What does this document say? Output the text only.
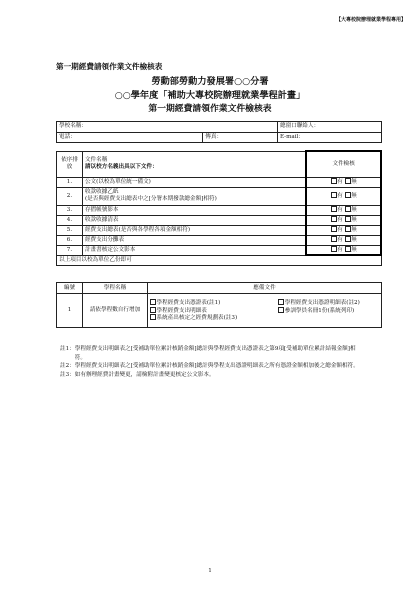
【大專校院辦理就業學程專用】
第一期經費請領作業文件檢核表
勞動部勞動力發展署○○分署
○○學年度「補助大專校院辦理就業學程計畫」
第一期經費請領作業文件檢核表
學校名稱：		總窗口聯絡人：
電話：	傳真：	E-mail：
依序排放	文件名稱
請以校方名義出具以下文件：	文件檢核
1.	公文(以校為單位統一備文)	有 無
2.	收款收據乙紙
(是否與經費支出總表中之[分署本期撥款總金額]相符)	有 無
3.	存摺帳號影本	有 無
4.	收款收據清表	有 無
5.	經費支出總表(是否與各學程各項金額相符)	有 無
6.	經費支出分攤表	有 無
7.	計畫書核定公文影本	有 無
以上項目以校為單位乙份即可		
編號	學程名稱	應備文件
1	請依學程數自行增加	學程經費支出憑證表(註1) 學程經費支出憑證明細表(註2)
學程經費支出明細表 參訓學員名冊1份(系統列印)
系統產出核定之經費規劃表(註3)
註1： 學程經費支出明細表之[受補助單位累計核銷金額]總計與學程經費支出憑證表之第9項[受補助單位累計結報金額]相符。
註2： 學程經費支出明細表之[受補助單位累計核銷金額]總計與學程支出憑證明細表之所有憑證金額相加後之總金額相符。
註3： 如有辦理經費計畫變更，請檢附計畫變更核定公文影本。
1
